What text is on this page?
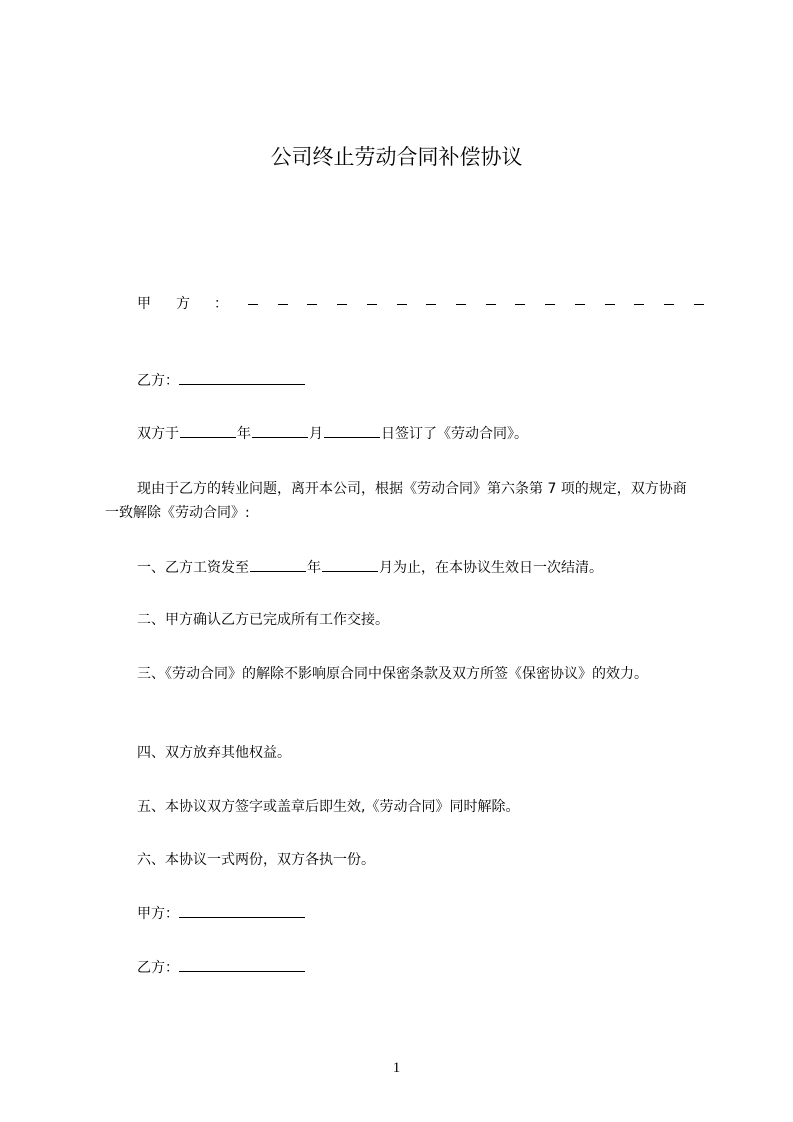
公司终止劳动合同补偿协议
甲 方 ：
乙方：
双方于	年	月	日签订了《劳动合同》。
现由于乙方的转业问题，离开本公司，根据《劳动合同》第六条第 7 项的规定，双方协商一致解除《劳动合同》:
一、乙方工资发至	年	月为止，在本协议生效日一次结清。
二、甲方确认乙方已完成所有工作交接。
三、《劳动合同》的解除不影响原合同中保密条款及双方所签《保密协议》的效力。
四、双方放弃其他权益。
五、本协议双方签字或盖章后即生效,《劳动合同》同时解除。
六、本协议一式两份，双方各执一份。
甲方：
乙方：
1
